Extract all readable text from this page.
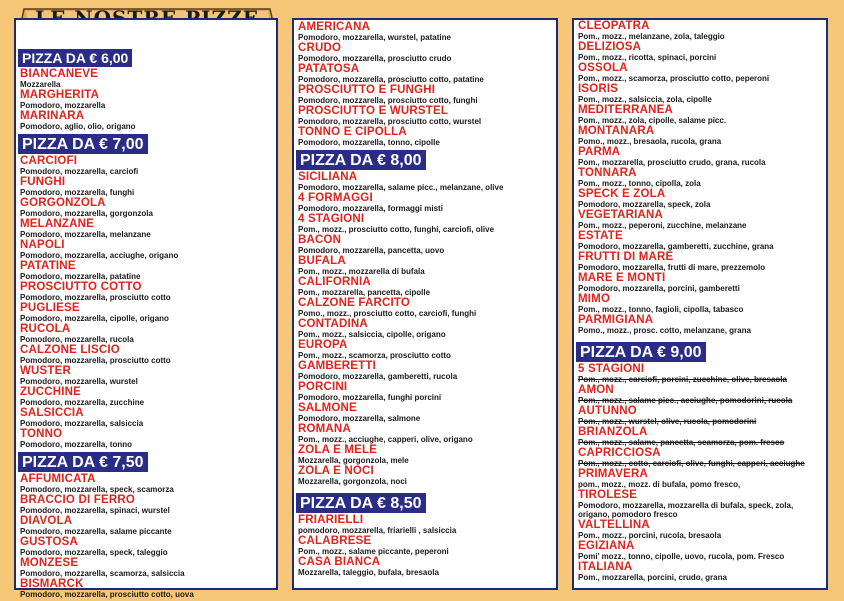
PIZZA DA € 6,00
BIANCANEVE
Mozzarella
MARGHERITA
Pomodoro, mozzarella
MARINARA
Pomodoro, aglio, olio, origano
PIZZA DA € 7,00
CARCIOFI
Pomodoro, mozzarella, carciofi
FUNGHI
Pomodoro, mozzarella, funghi
GORGONZOLA
Pomodoro, mozzarella, gorgonzola
MELANZANE
Pomodoro, mozzarella, melanzane
NAPOLI
Pomodoro, mozzarella, acciughe, origano
PATATINE
Pomodoro, mozzarella, patatine
PROSCIUTTO COTTO
Pomodoro, mozzarella, prosciutto cotto
PUGLIESE
Pomodoro, mozzarella, cipolle, origano
RUCOLA
Pomodoro, mozzarella, rucola
CALZONE LISCIO
Pomodoro, mozzarella, prosciutto cotto
WUSTER
Pomodoro, mozzarella, wurstel
ZUCCHINE
Pomodoro, mozzarella, zucchine
SALSICCIA
Pomodoro, mozzarella, salsiccia
TONNO
Pomodoro, mozzarella, tonno
PIZZA DA € 7,50
AFFUMICATA
Pomodoro, mozzarella, speck, scamorza
BRACCIO DI FERRO
Pomodoro, mozzarella, spinaci, wurstel
DIAVOLA
Pomodoro, mozzarella, salame piccante
GUSTOSA
Pomodoro, mozzarella, speck, taleggio
MONZESE
Pomodoro, mozzarella, scamorza, salsiccia
BISMARCK
Pomodoro, mozzarella, prosciutto cotto, uova
AMERICANA
Pomodoro, mozzarella, wurstel, patatine
CRUDO
Pomodoro, mozzarella, prosciutto crudo
PATATOSA
Pomodoro, mozzarella, prosciutto cotto, patatine
PROSCIUTTO E FUNGHI
Pomodoro, mozzarella, prosciutto cotto, funghi
PROSCIUTTO E WURSTEL
Pomodoro, mozzarella, prosciutto cotto, wurstel
TONNO E CIPOLLA
Pomodoro, mozzarella, tonno, cipolle
PIZZA DA € 8,00
SICILIANA
Pomodoro, mozzarella, salame picc., melanzane, olive
4 FORMAGGI
Pomodoro, mozzarella, formaggi misti
4 STAGIONI
Pom., mozz., prosciutto cotto, funghi, carciofi, olive
BACON
Pomodoro, mozzarella, pancetta, uovo
BUFALA
Pom., mozz., mozzarella di bufala
CALIFORNIA
Pom., mozzarella, pancetta, cipolle
CALZONE FARCITO
Pomo., mozz., prosciutto cotto, carciofi, funghi
CONTADINA
Pom., mozz., salsiccia, cipolle, origano
EUROPA
Pom., mozz., scamorza, prosciutto cotto
GAMBERETTI
Pomodoro, mozzarella, gamberetti, rucola
PORCINI
Pomodoro, mozzarella, funghi porcini
SALMONE
Pomodoro, mozzarella, salmone
ROMANA
Pom., mozz., acciughe, capperi, olive, origano
ZOLA E MELE
Mozzarella, gorgonzola, mele
ZOLA E NOCI
Mozzarella, gorgonzola, noci
PIZZA DA € 8,50
FRIARIELLI
pomodoro, mozzarella, friarielli , salsiccia
CALABRESE
Pom., mozz., salame piccante, peperoni
CASA BIANCA
Mozzarella, taleggio, bufala, bresaola
CLEOPATRA
Pom., mozz., melanzane, zola, taleggio
DELIZIOSA
Pom., mozz., ricotta, spinaci, porcini
OSSOLA
Pom., mozz., scamorza, prosciutto cotto, peperoni
ISORIS
Pom., mozz., salsiccia, zola, cipolle
MEDITERRANEA
Pom., mozz., zola, cipolle, salame picc.
MONTANARA
Pomo., mozz., bresaola, rucola, grana
PARMA
Pom., mozzarella, prosciutto crudo, grana, rucola
TONNARA
Pom., mozz., tonno, cipolla, zola
SPECK E ZOLA
Pomodoro, mozzarella, speck, zola
VEGETARIANA
Pom., mozz., peperoni, zucchine, melanzane
ESTATE
Pomodoro, mozzarella, gamberetti, zucchine, grana
FRUTTI DI MARE
Pomodoro, mozzarella, frutti di mare, prezzemolo
MARE E MONTI
Pomodoro, mozzarella, porcini, gamberetti
MIMO
Pom., mozz., tonno, fagioli, cipolla, tabasco
PARMIGIANA
Pomo., mozz., prosc. cotto, melanzane, grana
PIZZA DA € 9,00
5 STAGIONI
Pom., mozz., carciofi, porcini, zucchine, olive, bresaola
AMON
Pom., mozz., salame picc., acciughe, pomodorini, rucola
AUTUNNO
Pom., mozz., wurstel, olive, rucola, pomodorini
BRIANZOLA
Pom., mozz., salame, pancetta, scamorza, pom. fresco
CAPRICCIOSA
Pom., mozz., cotto, carciofi, olive, funghi, capperi, acciughe
PRIMAVERA
pom., mozz., mozz. di bufala, pomo fresco,
TIROLESE
Pomodoro, mozzarella, mozzarella di bufala, speck, zola, origano, pomodoro fresco
VALTELLINA
Pom., mozz., porcini, rucola, bresaola
EGIZIANA
Pomi’ mozz., tonno, cipolle, uovo, rucola, pom. Fresco
ITALIANA
Pom., mozzarella, porcini, crudo, grana
